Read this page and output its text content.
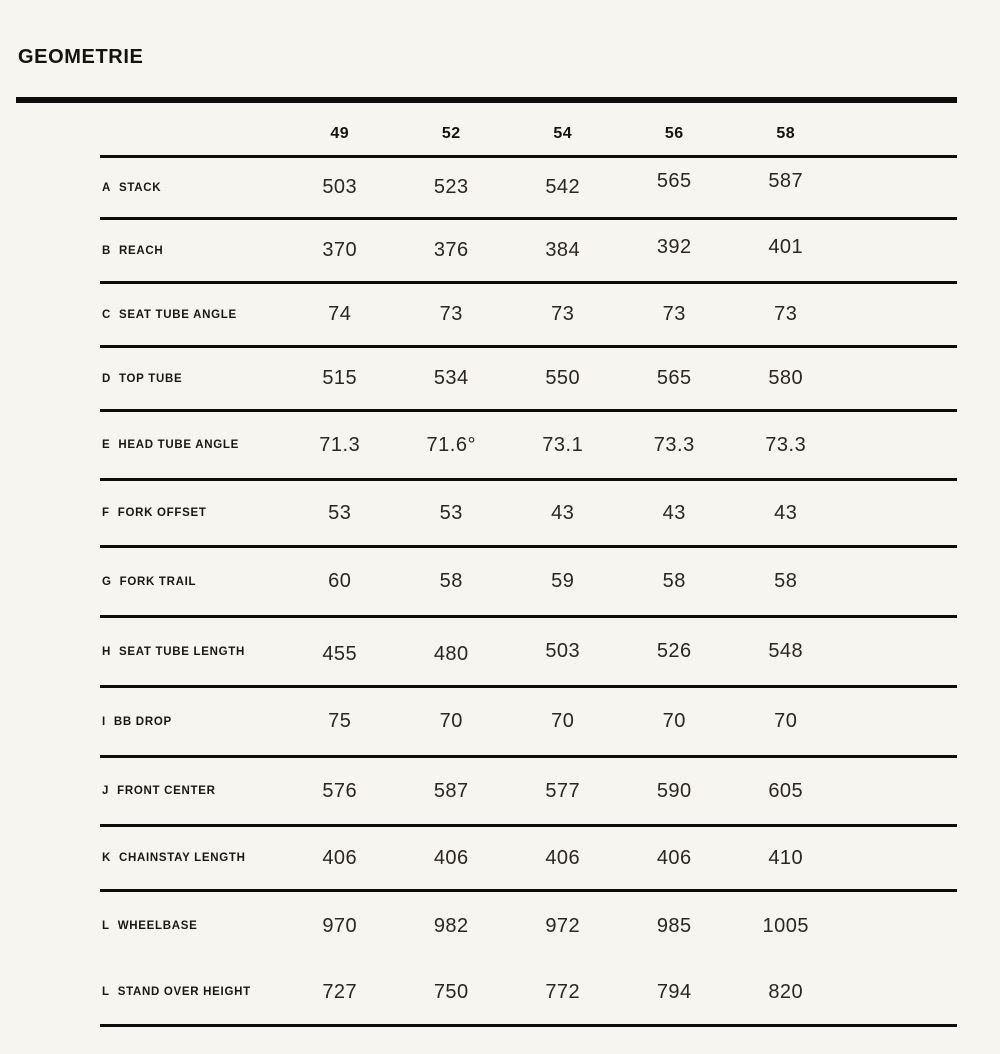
GEOMETRIE
49	52	54	56	58
A STACK	503	523	542	565	587
B REACH	370	376	384	392	401
C SEAT TUBE ANGLE	74	73	73	73	73
D TOP TUBE	515	534	550	565	580
E HEAD TUBE ANGLE	71.3	71.6°	73.1	73.3	73.3
F FORK OFFSET	53	53	43	43	43
G FORK TRAIL	60	58	59	58	58
H SEAT TUBE LENGTH	455	480	503	526	548
I BB DROP	75	70	70	70	70
J FRONT CENTER	576	587	577	590	605
K CHAINSTAY LENGTH	406	406	406	406	410
L WHEELBASE	970	982	972	985	1005
L STAND OVER HEIGHT	727	750	772	794	820
